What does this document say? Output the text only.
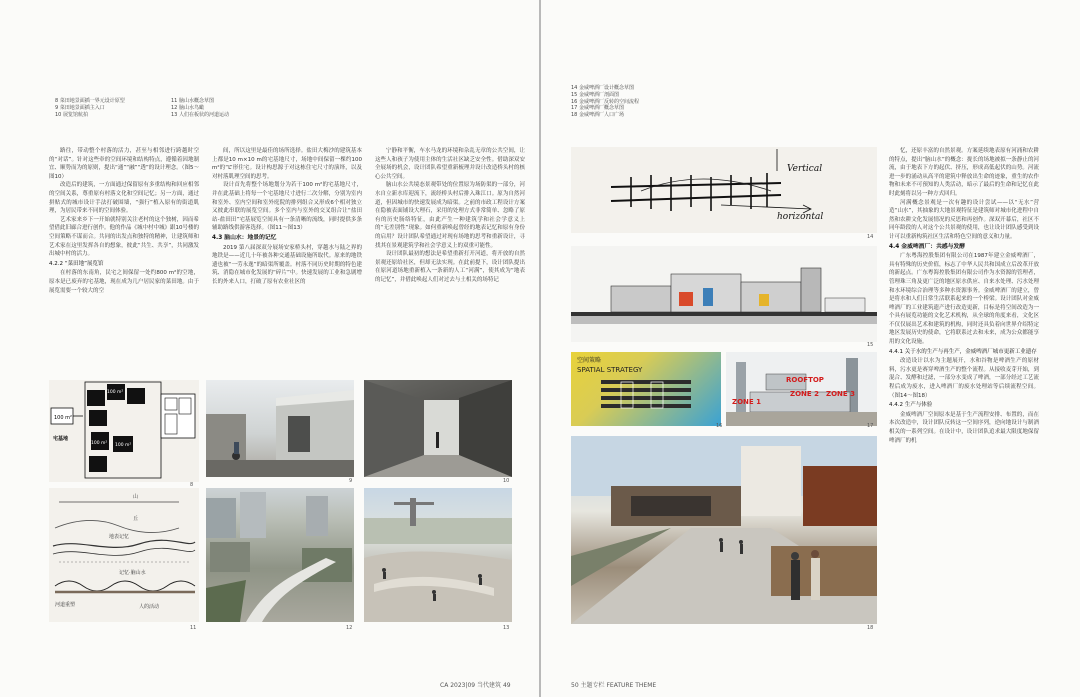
8 菜田地景面插一界元设计原型
9 菜田地景面插主入口
10 展览馆航拍
11 脑山水概念草图
12 脑山水鸟瞰
13 人们在板状的河道运动

路往，带动整个村落的活力，甚至与相邻进行跨越时空的“对话”。针对这些牵的空间环境和结构特点，遵循着因地制宜、顺势而为的原则，提出“通”“融”“透”的设计理念。（图5～图10）

改造后的建筑，一方面通过保留原有多重结构和回应相邻的空间关系，尊重原有村落文化和空间记忆；另一方面，通过拼贴式的城市设计手法打破围墙，“强行”植入原有的街道肌理，为居民带来不同的空间体验。

艺术家来乡下一开始就特别关注老村的这个独树，因而希望借此旧廊合进行创作。他的作品《城中村中城》跟10号楼的空间策略不谋而合。共同的出发点和独特的精神，让建筑师和艺术家在这里发挥各自的想象，彼此“共生、共享”，共同激发出城中村的活力。

4.2.2 “菜田地”展览馆

在村落的东南角，民宅之间保留一处约800 m²的空地，原本是已废弃的宅基地，现在成为几户居民家的菜田地。由于展览需要一个较大的空

间，所以这里是最佳的场所选择。盐田大梅沙的建筑基本上都是10 m×10 m的宅基地尺寸，场地中间保留一棵约100 m²的“L”形住宅。设计构思源于对这栋住宅尺寸的演绎，以及对村落肌理空间的思考。

设计首先将整个场地划分为若干100 m²的宅基地尺寸，并在此基础上将每一个宅基地尺寸进行二次分解，分别为室内和室外、室内空间和室外庭院的排列组合又形成6个相对独立又彼此串联的展览空间。多个室内与室外的交叉组合让“盐田站-盐田田”宅基展览空间具有一条清晰的流线，同时提供多条辅助路线供游客选择。（图11～图13）

4.3 脑山水：地景的记忆

2019 第八届深双分展场安家桥头村，穿越水与陆之界的地铁是——近几十年被各种交通基础设施所取代。原来的地铁遗也被“一劳永逸”的暗渠所覆盖。村落不同历史时期的特色建筑、消隐在城市化发展的“碎片”中。快速发展的工业和急剧增长的外来人口，打破了原有农业社区的

宁静和平衡，车水马龙的环境和杂乱无章的公共空间，让这些人和孩子为使用主体的生活社区缺乏安全性。借助深双安全展场的机会，设计团队希望重新梳理并设计改造桥头村的核心公共空间。

脑山水公共境态景观带处的位置原为场防渠的一部分，河水自立新水库迎流下，流经桥头村后排入珠江口。原为自然河道，但因城市的快速发展成为暗渠。之前的市政工程设计方案在隐被表面铺设大理石，采用的处理方式非常简单、忽略了原有的历史肠络特征，由此产生一种建筑学和社会学意义上的“无差别性”现象。如何重新唤起曾经的地表记忆和原有身份的启用？设计团队希望通过对现有场地的思考和重新设计，寻找其在景观建筑学和社会学意义上的双重可能性。

设计团队最初的想法是希望重新打开河道，将开放的自然景观还原给社区，但却无法实现。在此前提下，设计团队提出在原河道场地重新植入一条新的人工“河满”，使其成为“地表的记忆”，并借此唤起人们对过去与土相关的场特记

100 m²
100 m²
100 m² 100 m²
宅基地
8
9	10
山
丘
记忆·脑山水
地表记忆
河道重塑	人的活动
11	12	13
CA 2023|09 当代建筑 49
14 金威啤酒厂设计概念草图
15 金威啤酒厂剖面图
16 金威啤酒厂反转的空间流程
17 金威啤酒厂概念草图
18 金威啤酒厂人口广场
Vertical
horizontal
14
15
空间策略
SPATIAL STRATEGY
16
ROOFTOP
ZONE 2 ZONE 3
ZONE 1
17
18

忆，还原丰富的自然景观。方案延续地表原有河涌和农耕的特点，提出“脑山水”的概念：拢长的场地被拟一条静止的河流，由于地表下方的起伏、挤压，形成高低起伏的山势。河流进一步的涌动从高平的建筑中释放出生命的迹象，重生的农作物和未来不可预知的人类活动，暗示了最后的生命和记忆在此时此刻将以另一种方式回归。

河满概念景观是一次有趣的设计尝试——以“无水”营造“山水”，其抽象的大地景观特征是建筑师对城市化进程中自然和农耕文化发展情况的反思和再创作。深双开幕后，社区不同年龄段的人对这个公共景观的使用，也让设计团队感受到设计可以重新构筑社区生活和特色空间的意义和力量。

4.4 金威啤酒厂：共感与发酵

广东粤海控股集团有限公司在1987年建立金威啤酒厂，具有特殊的历史价值，标志了中华人民共和国成立后改革开放的新起点。广东粤海控股集团有限公司作为水资源的管理者，管理珠三角及更广泛的地区原水供应、自来水处理、污水处理和水环境综合治理等多种水资源事务。金威啤酒厂的建立，曾是将水和人们日常生活联系起来的一个桥梁。设计团队对金威啤酒厂的工业建筑遗产进行改造更新，目标是将空间改造为一个具有展览功能的文化艺术机构，从全球的角度来看，文化区不仅仅展出艺术和建筑的机构，同时还具负着向世界介绍特定地区发展历史的使命，它将联系过去和未来，成为公众都能享用的文化设施。

4.4.1 关于水的生产与再生产，金威啤酒厂城市更新工业遗存

改造设计以水为主题展开，水和谷物是啤酒生产的原材料，污水更是赛穿啤酒生产的整个流程。从接收麦芽开始，到混合、发酵和过滤，一部分水变成了啤酒，一部分经过工艺流程后成为废水，进入啤酒厂的废水处理站等后续流程空间。（图14～图18）

4.4.2 生产与体验

金威啤酒厂空间原本是基于生产流程安排、布置的，而在本次改造中，设计团队反转这一空间序列，逆向地设计与制酒相关的一系列空间。在设计中，设计团队追求最大限度地保留啤酒厂的机

50 主题专栏 FEATURE THEME
